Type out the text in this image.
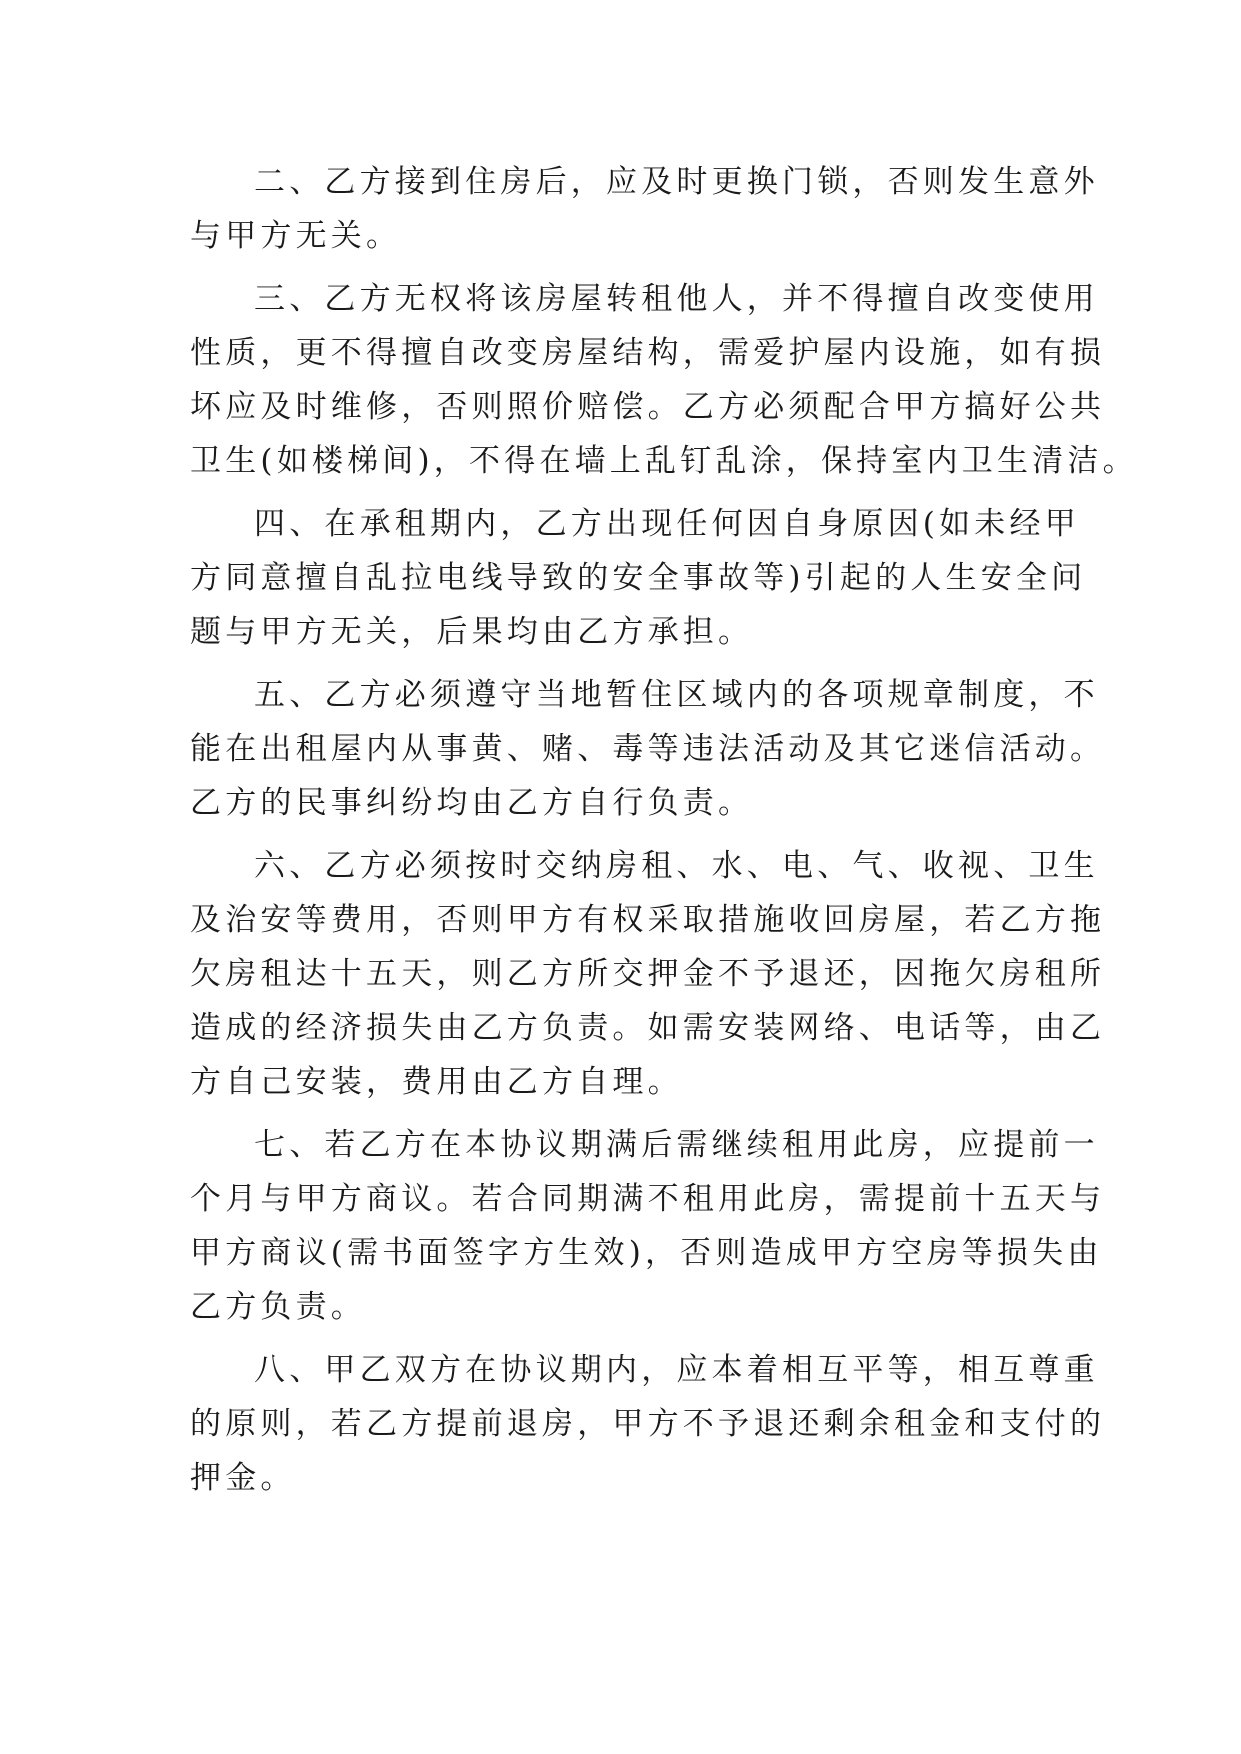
二、乙方接到住房后，应及时更换门锁，否则发生意外
与甲方无关。
三、乙方无权将该房屋转租他人，并不得擅自改变使用
性质，更不得擅自改变房屋结构，需爱护屋内设施，如有损
坏应及时维修，否则照价赔偿。乙方必须配合甲方搞好公共
卫生(如楼梯间)，不得在墙上乱钉乱涂，保持室内卫生清洁。
四、在承租期内，乙方出现任何因自身原因(如未经甲
方同意擅自乱拉电线导致的安全事故等)引起的人生安全问
题与甲方无关，后果均由乙方承担。
五、乙方必须遵守当地暂住区域内的各项规章制度，不
能在出租屋内从事黄、赌、毒等违法活动及其它迷信活动。
乙方的民事纠纷均由乙方自行负责。
六、乙方必须按时交纳房租、水、电、气、收视、卫生
及治安等费用，否则甲方有权采取措施收回房屋，若乙方拖
欠房租达十五天，则乙方所交押金不予退还，因拖欠房租所
造成的经济损失由乙方负责。如需安装网络、电话等，由乙
方自己安装，费用由乙方自理。
七、若乙方在本协议期满后需继续租用此房，应提前一
个月与甲方商议。若合同期满不租用此房，需提前十五天与
甲方商议(需书面签字方生效)，否则造成甲方空房等损失由
乙方负责。
八、甲乙双方在协议期内，应本着相互平等，相互尊重
的原则，若乙方提前退房，甲方不予退还剩余租金和支付的
押金。
